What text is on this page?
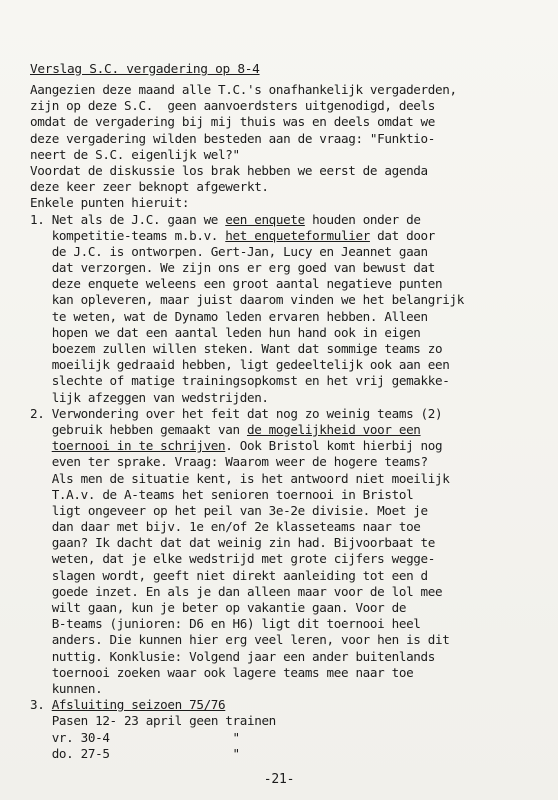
Verslag S.C. vergadering op 8-4
Aangezien deze maand alle T.C.'s onafhankelijk vergaderden,
zijn op deze S.C.  geen aanvoerdsters uitgenodigd, deels
omdat de vergadering bij mij thuis was en deels omdat we
deze vergadering wilden besteden aan de vraag: "Funktio-
neert de S.C. eigenlijk wel?"
Voordat de diskussie los brak hebben we eerst de agenda
deze keer zeer beknopt afgewerkt.
Enkele punten hieruit:
1. Net als de J.C. gaan we een enquete houden onder de
kompetitie-teams m.b.v. het enqueteformulier dat door
de J.C. is ontworpen. Gert-Jan, Lucy en Jeannet gaan
dat verzorgen. We zijn ons er erg goed van bewust dat
deze enquete weleens een groot aantal negatieve punten
kan opleveren, maar juist daarom vinden we het belangrijk
te weten, wat de Dynamo leden ervaren hebben. Alleen
hopen we dat een aantal leden hun hand ook in eigen
boezem zullen willen steken. Want dat sommige teams zo
moeilijk gedraaid hebben, ligt gedeeltelijk ook aan een
slechte of matige trainingsopkomst en het vrij gemakke-
lijk afzeggen van wedstrijden.
2. Verwondering over het feit dat nog zo weinig teams (2)
gebruik hebben gemaakt van de mogelijkheid voor een
toernooi in te schrijven. Ook Bristol komt hierbij nog
even ter sprake. Vraag: Waarom weer de hogere teams?
Als men de situatie kent, is het antwoord niet moeilijk
T.A.v. de A-teams het senioren toernooi in Bristol
ligt ongeveer op het peil van 3e-2e divisie. Moet je
dan daar met bijv. 1e en/of 2e klasseteams naar toe
gaan? Ik dacht dat dat weinig zin had. Bijvoorbaat te
weten, dat je elke wedstrijd met grote cijfers wegge-
slagen wordt, geeft niet direkt aanleiding tot een d
goede inzet. En als je dan alleen maar voor de lol mee
wilt gaan, kun je beter op vakantie gaan. Voor de
B-teams (junioren: D6 en H6) ligt dit toernooi heel
anders. Die kunnen hier erg veel leren, voor hen is dit
nuttig. Konklusie: Volgend jaar een ander buitenlands
toernooi zoeken waar ook lagere teams mee naar toe
kunnen.
3. Afsluiting seizoen 75/76
Pasen 12- 23 april geen trainen
vr. 30-4                 "
do. 27-5                 "
-21-
